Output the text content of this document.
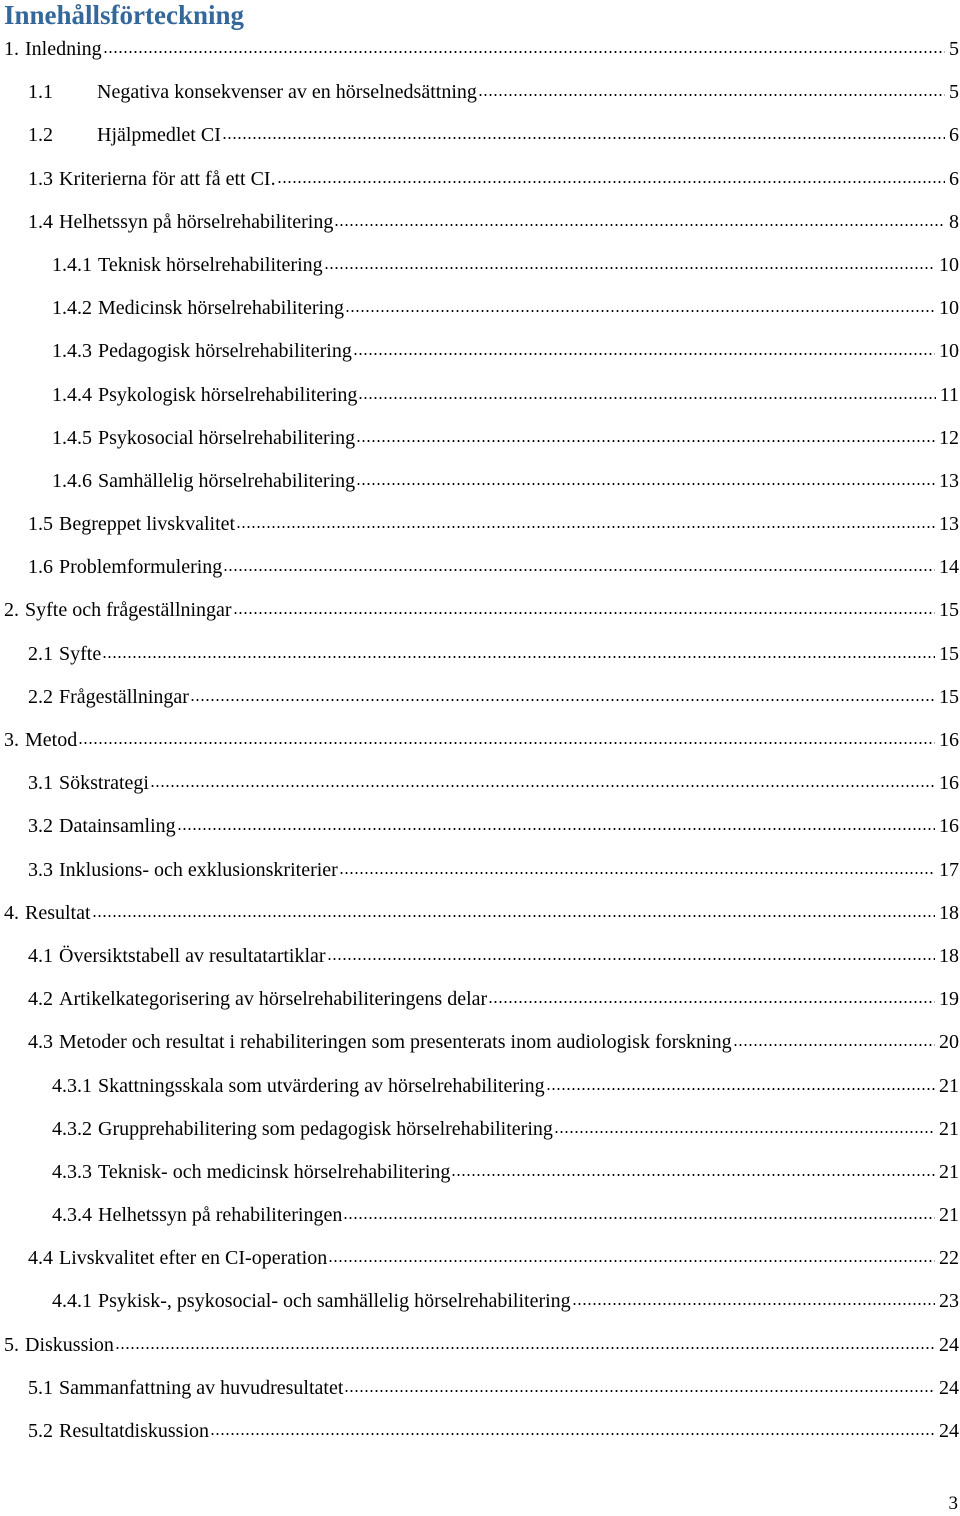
Innehållsförteckning
1. Inledning	5
1.1	Negativa konsekvenser av en hörselnedsättning	5
1.2	Hjälpmedlet CI	6
1.3 Kriterierna för att få ett CI.	6
1.4 Helhetssyn på hörselrehabilitering	8
1.4.1 Teknisk hörselrehabilitering	10
1.4.2 Medicinsk hörselrehabilitering	10
1.4.3 Pedagogisk hörselrehabilitering	10
1.4.4 Psykologisk hörselrehabilitering	11
1.4.5 Psykosocial hörselrehabilitering	12
1.4.6 Samhällelig hörselrehabilitering	13
1.5 Begreppet livskvalitet	13
1.6 Problemformulering	14
2. Syfte och frågeställningar	15
2.1 Syfte	15
2.2 Frågeställningar	15
3. Metod	16
3.1 Sökstrategi	16
3.2 Datainsamling	16
3.3 Inklusions- och exklusionskriterier	17
4. Resultat	18
4.1 Översiktstabell av resultatartiklar	18
4.2 Artikelkategorisering av hörselrehabiliteringens delar	19
4.3 Metoder och resultat i rehabiliteringen som presenterats inom audiologisk forskning	20
4.3.1 Skattningsskala som utvärdering av hörselrehabilitering	21
4.3.2 Grupprehabilitering som pedagogisk hörselrehabilitering	21
4.3.3 Teknisk- och medicinsk hörselrehabilitering	21
4.3.4 Helhetssyn på rehabiliteringen	21
4.4 Livskvalitet efter en CI-operation	22
4.4.1 Psykisk-, psykosocial- och samhällelig hörselrehabilitering	23
5. Diskussion	24
5.1 Sammanfattning av huvudresultatet	24
5.2 Resultatdiskussion	24
3
